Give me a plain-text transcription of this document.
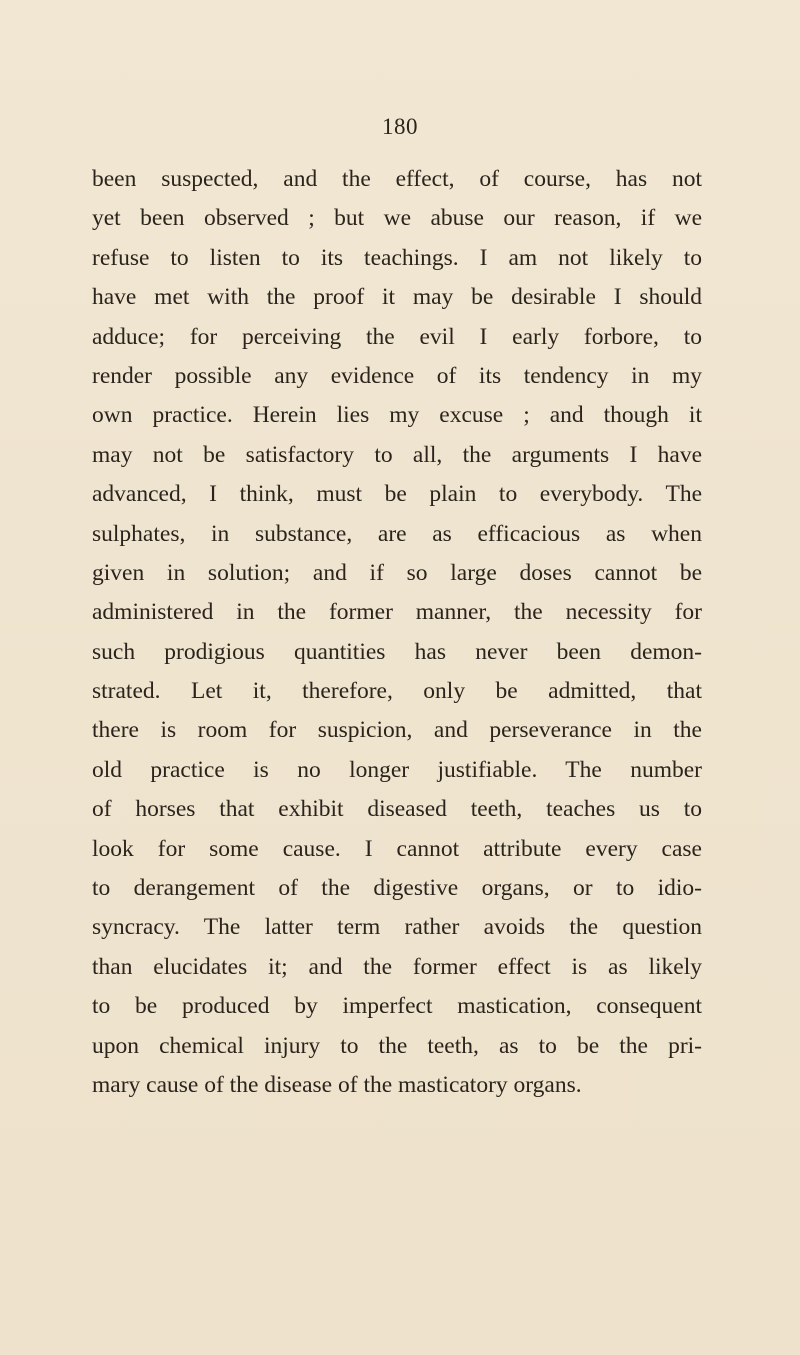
180
been suspected, and the effect, of course, has not
yet been observed ; but we abuse our reason, if we
refuse to listen to its teachings. I am not likely to
have met with the proof it may be desirable I should
adduce; for perceiving the evil I early forbore, to
render possible any evidence of its tendency in my
own practice. Herein lies my excuse ; and though it
may not be satisfactory to all, the arguments I have
advanced, I think, must be plain to everybody. The
sulphates, in substance, are as efficacious as when
given in solution; and if so large doses cannot be
administered in the former manner, the necessity for
such prodigious quantities has never been demon-
strated. Let it, therefore, only be admitted, that
there is room for suspicion, and perseverance in the
old practice is no longer justifiable. The number
of horses that exhibit diseased teeth, teaches us to
look for some cause. I cannot attribute every case
to derangement of the digestive organs, or to idio-
syncracy. The latter term rather avoids the question
than elucidates it; and the former effect is as likely
to be produced by imperfect mastication, consequent
upon chemical injury to the teeth, as to be the pri-
mary cause of the disease of the masticatory organs.
